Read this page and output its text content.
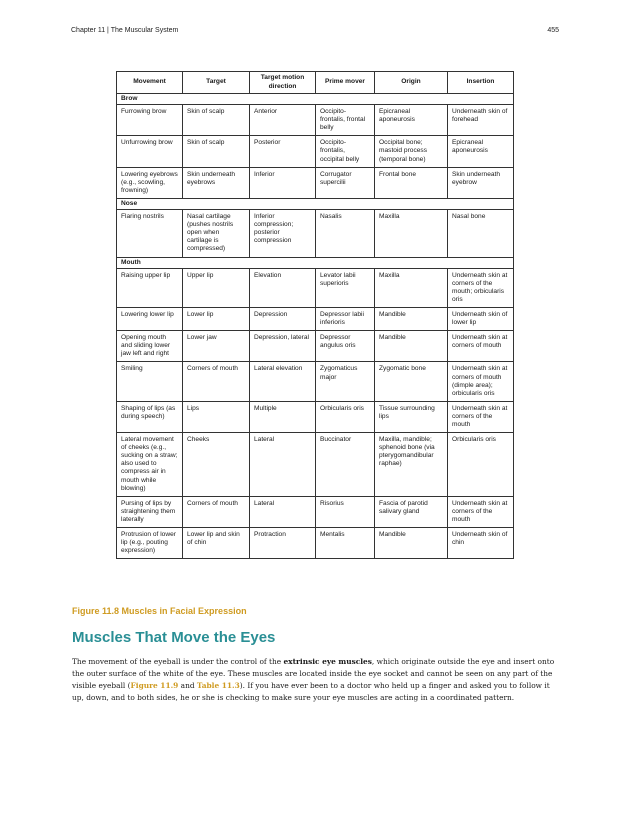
Chapter 11 | The Muscular System	455
Movement	Target	Target motion direction	Prime mover	Origin	Insertion
Brow					
Furrowing brow	Skin of scalp	Anterior	Occipito-frontalis, frontal belly	Epicraneal aponeurosis	Underneath skin of forehead
Unfurrowing brow	Skin of scalp	Posterior	Occipito-frontalis, occipital belly	Occipital bone; mastoid process (temporal bone)	Epicraneal aponeurosis
Lowering eyebrows (e.g., scowling, frowning)	Skin underneath eyebrows	Inferior	Corrugator supercilii	Frontal bone	Skin underneath eyebrow
Nose					
Flaring nostrils	Nasal cartilage (pushes nostrils open when cartilage is compressed)	Inferior compression; posterior compression	Nasalis	Maxilla	Nasal bone
Mouth					
Raising upper lip	Upper lip	Elevation	Levator labii superioris	Maxilla	Underneath skin at corners of the mouth; orbicularis oris
Lowering lower lip	Lower lip	Depression	Depressor labii inferioris	Mandible	Underneath skin of lower lip
Opening mouth and sliding lower jaw left and right	Lower jaw	Depression, lateral	Depressor angulus oris	Mandible	Underneath skin at corners of mouth
Smiling	Corners of mouth	Lateral elevation	Zygomaticus major	Zygomatic bone	Underneath skin at corners of mouth (dimple area); orbicularis oris
Shaping of lips (as during speech)	Lips	Multiple	Orbicularis oris	Tissue surrounding lips	Underneath skin at corners of the mouth
Lateral movement of cheeks (e.g., sucking on a straw; also used to compress air in mouth while blowing)	Cheeks	Lateral	Buccinator	Maxilla, mandible; sphenoid bone (via pterygomandibular raphae)	Orbicularis oris
Pursing of lips by straightening them laterally	Corners of mouth	Lateral	Risorius	Fascia of parotid salivary gland	Underneath skin at corners of the mouth
Protrusion of lower lip (e.g., pouting expression)	Lower lip and skin of chin	Protraction	Mentalis	Mandible	Underneath skin of chin
Figure 11.8 Muscles in Facial Expression
Muscles That Move the Eyes

The movement of the eyeball is under the control of the extrinsic eye muscles, which originate outside the eye and insert onto the outer surface of the white of the eye. These muscles are located inside the eye socket and cannot be seen on any part of the visible eyeball (Figure 11.9 and Table 11.3). If you have ever been to a doctor who held up a finger and asked you to follow it up, down, and to both sides, he or she is checking to make sure your eye muscles are acting in a coordinated pattern.
